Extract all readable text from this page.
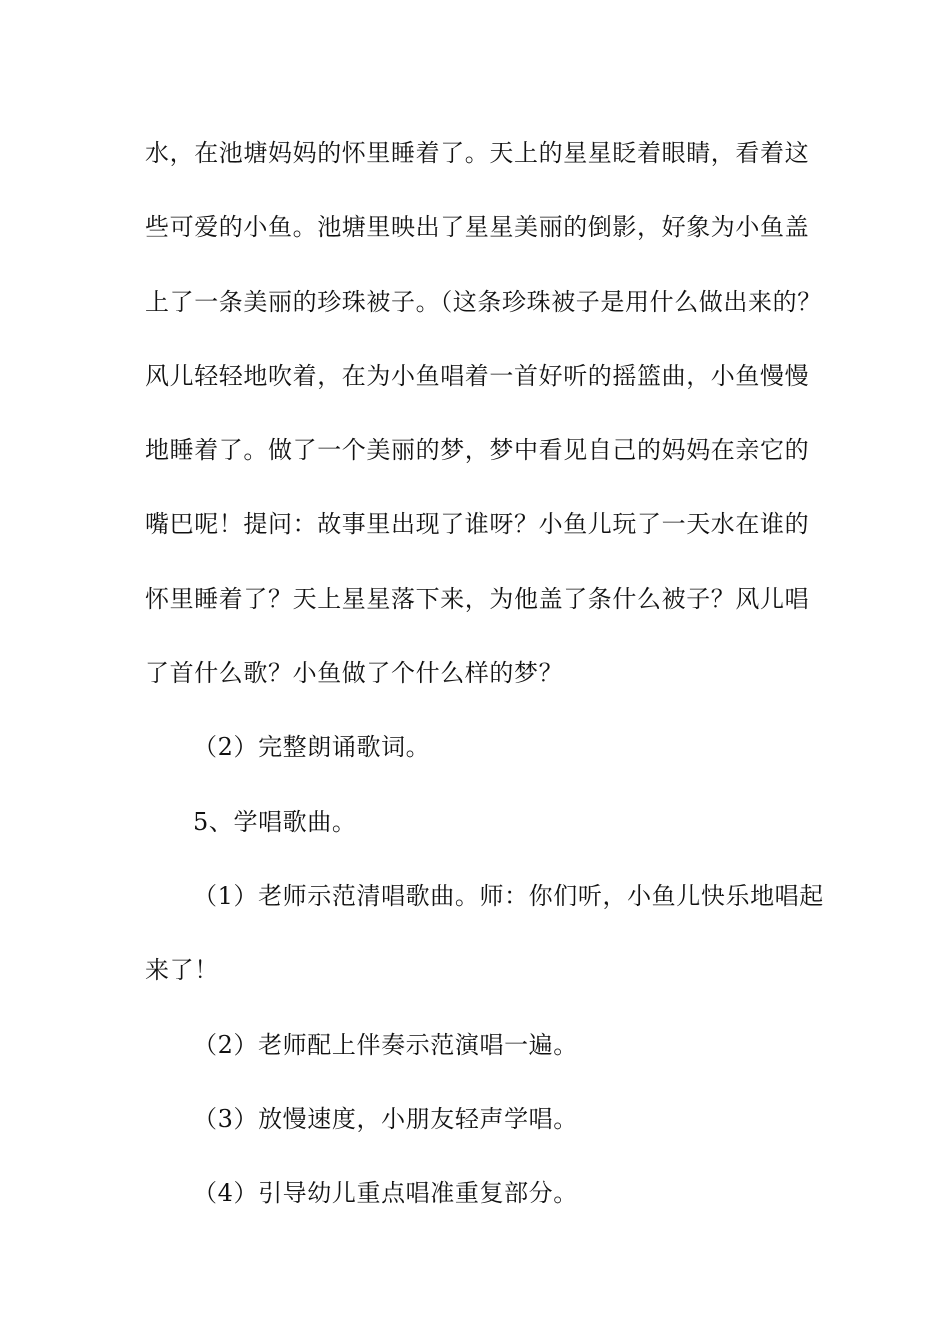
水，在池塘妈妈的怀里睡着了。天上的星星眨着眼睛，看着这
些可爱的小鱼。池塘里映出了星星美丽的倒影，好象为小鱼盖
上了一条美丽的珍珠被子。（这条珍珠被子是用什么做出来的？
风儿轻轻地吹着，在为小鱼唱着一首好听的摇篮曲，小鱼慢慢
地睡着了。做了一个美丽的梦，梦中看见自己的妈妈在亲它的
嘴巴呢！提问：故事里出现了谁呀？小鱼儿玩了一天水在谁的
怀里睡着了？天上星星落下来，为他盖了条什么被子？风儿唱
了首什么歌？小鱼做了个什么样的梦？
（2）完整朗诵歌词。
5、学唱歌曲。
（1）老师示范清唱歌曲。师：你们听，小鱼儿快乐地唱起
来了！
（2）老师配上伴奏示范演唱一遍。
（3）放慢速度，小朋友轻声学唱。
（4）引导幼儿重点唱准重复部分。
